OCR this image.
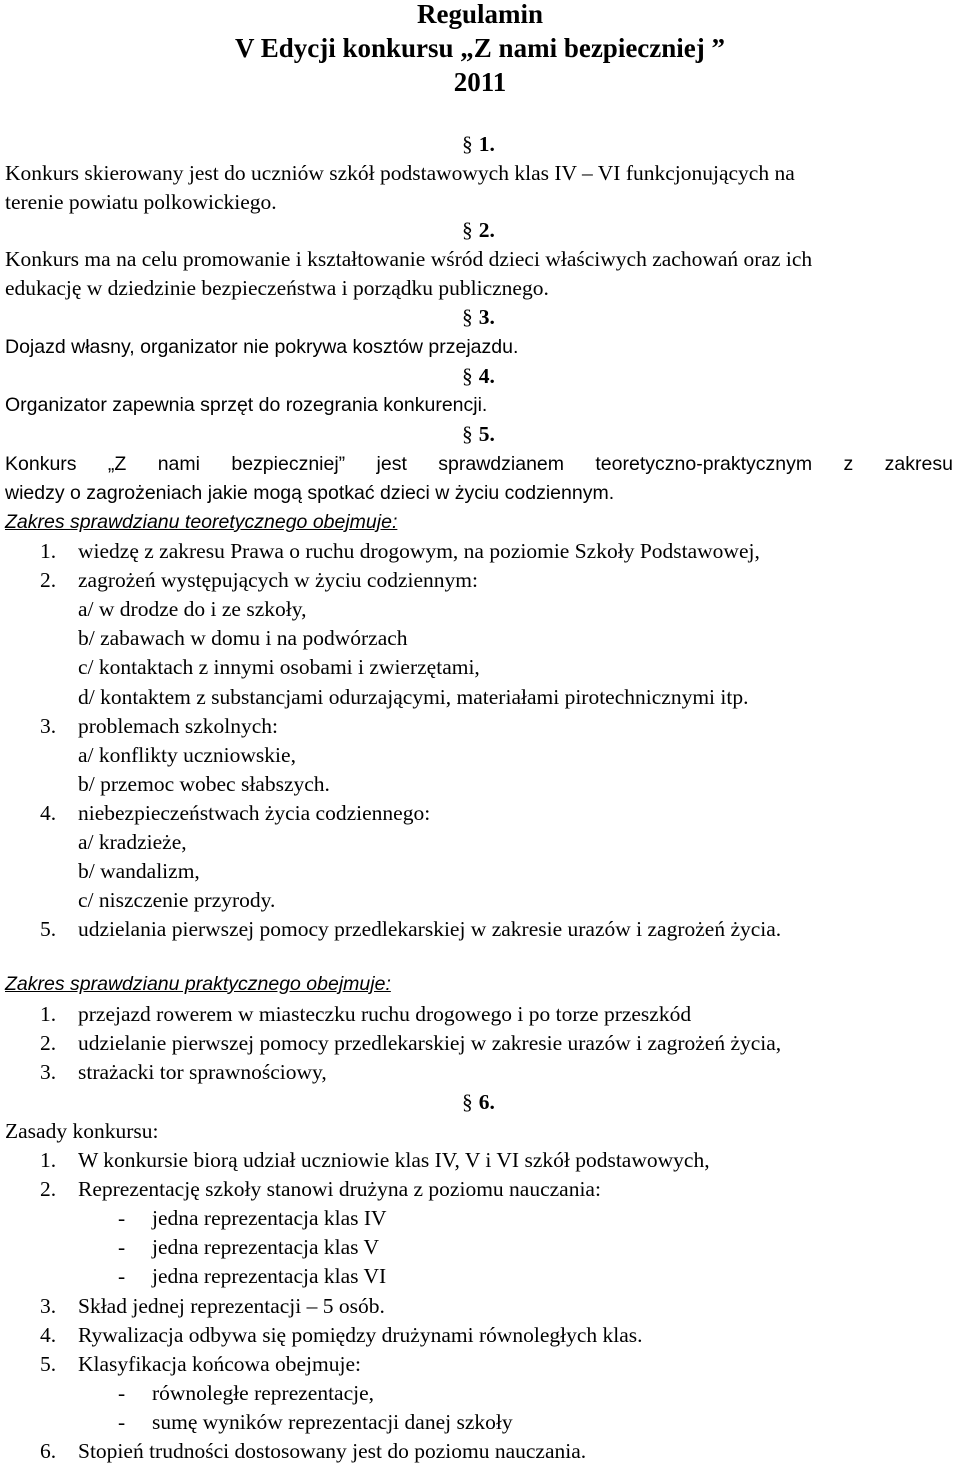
Regulamin
V Edycji konkursu „Z nami bezpieczniej ”
2011
§ 1.
Konkurs skierowany jest do uczniów szkół podstawowych klas IV – VI funkcjonujących na
terenie powiatu polkowickiego.
§ 2.
Konkurs ma na celu promowanie i kształtowanie wśród dzieci właściwych zachowań oraz ich
edukację w dziedzinie bezpieczeństwa i porządku publicznego.
§ 3.
Dojazd własny, organizator nie pokrywa kosztów przejazdu.
§ 4.
Organizator zapewnia sprzęt do rozegrania konkurencji.
§ 5.
Konkurs „Z nami bezpieczniej” jest sprawdzianem teoretyczno-praktycznym z zakresu
wiedzy o zagrożeniach jakie mogą spotkać dzieci w życiu codziennym.
Zakres sprawdzianu teoretycznego obejmuje:
1. wiedzę z zakresu Prawa o ruchu drogowym, na poziomie Szkoły Podstawowej,
2. zagrożeń występujących w życiu codziennym:
a/ w drodze do i ze szkoły,
b/ zabawach w domu i na podwórzach
c/ kontaktach z innymi osobami i zwierzętami,
d/ kontaktem z substancjami odurzającymi, materiałami pirotechnicznymi itp.
3. problemach szkolnych:
a/ konflikty uczniowskie,
b/ przemoc wobec słabszych.
4. niebezpieczeństwach życia codziennego:
a/ kradzieże,
b/ wandalizm,
c/ niszczenie przyrody.
5. udzielania pierwszej pomocy przedlekarskiej w zakresie urazów i zagrożeń życia.
Zakres sprawdzianu praktycznego obejmuje:
1. przejazd rowerem w miasteczku ruchu drogowego i po torze przeszkód
2. udzielanie pierwszej pomocy przedlekarskiej w zakresie urazów i zagrożeń życia,
3. strażacki tor sprawnościowy,
§ 6.
Zasady konkursu:
1. W konkursie biorą udział uczniowie klas IV, V i VI szkół podstawowych,
2. Reprezentację szkoły stanowi drużyna z poziomu nauczania:
- jedna reprezentacja klas IV
- jedna reprezentacja klas V
- jedna reprezentacja klas VI
3. Skład jednej reprezentacji – 5 osób.
4. Rywalizacja odbywa się pomiędzy drużynami równoległych klas.
5. Klasyfikacja końcowa obejmuje:
- równoległe reprezentacje,
- sumę wyników reprezentacji danej szkoły
6. Stopień trudności dostosowany jest do poziomu nauczania.
